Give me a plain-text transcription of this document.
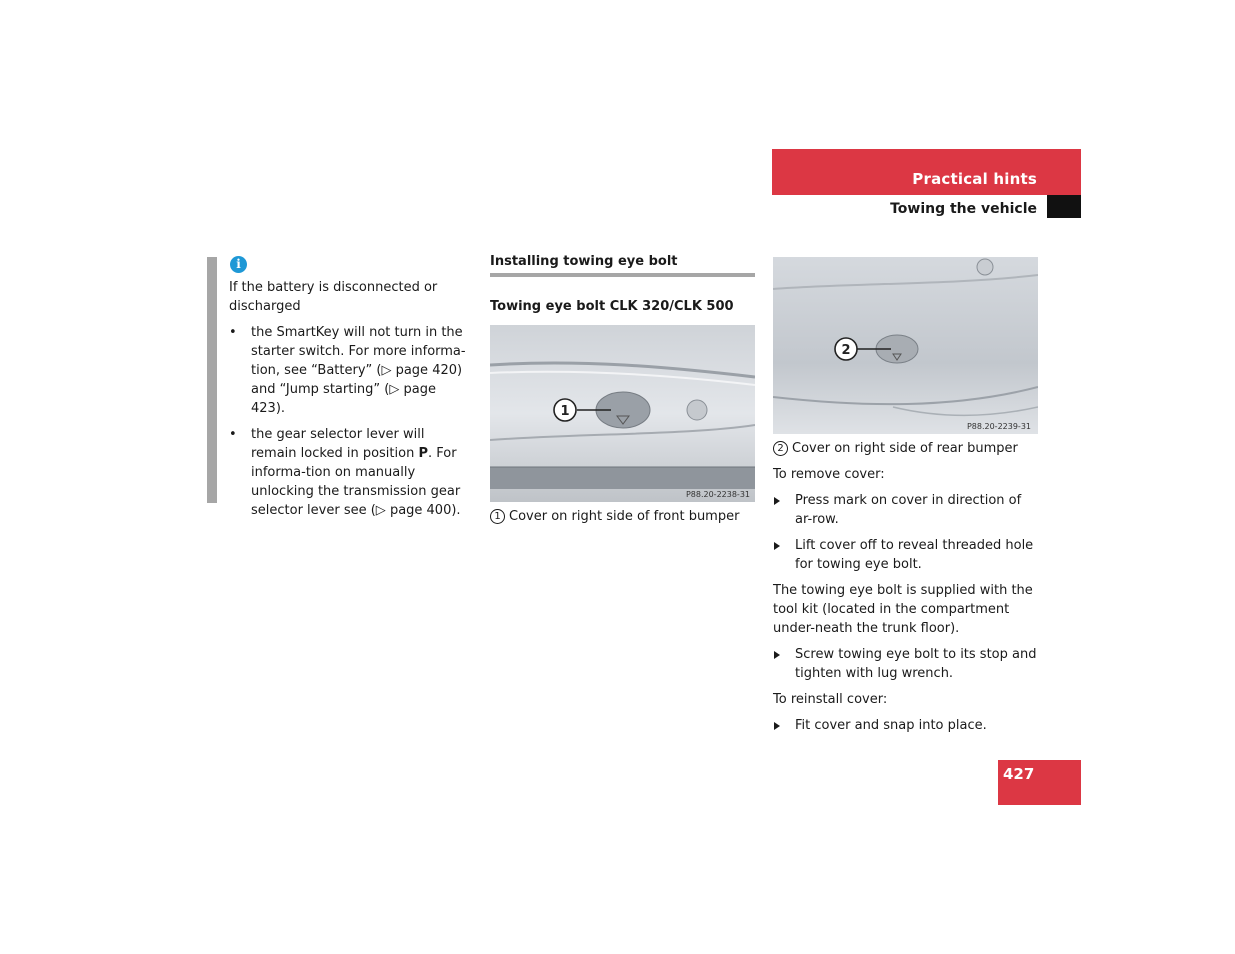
Practical hints
Towing the vehicle
i

If the battery is disconnected or discharged

• the SmartKey will not turn in the starter switch. For more informa-tion, see “Battery” (▷ page 420) and “Jump starting” (▷ page 423).
• the gear selector lever will remain locked in position P. For informa-tion on manually unlocking the transmission gear selector lever see (▷ page 400).
Installing towing eye bolt
Towing eye bolt CLK 320/CLK 500
1
P88.20-2238-31
1 Cover on right side of front bumper
2
P88.20-2239-31
2 Cover on right side of rear bumper

To remove cover:

Press mark on cover in direction of ar-row.
Lift cover off to reveal threaded hole for towing eye bolt.

The towing eye bolt is supplied with the tool kit (located in the compartment under-neath the trunk floor).

Screw towing eye bolt to its stop and tighten with lug wrench.

To reinstall cover:

Fit cover and snap into place.
427
